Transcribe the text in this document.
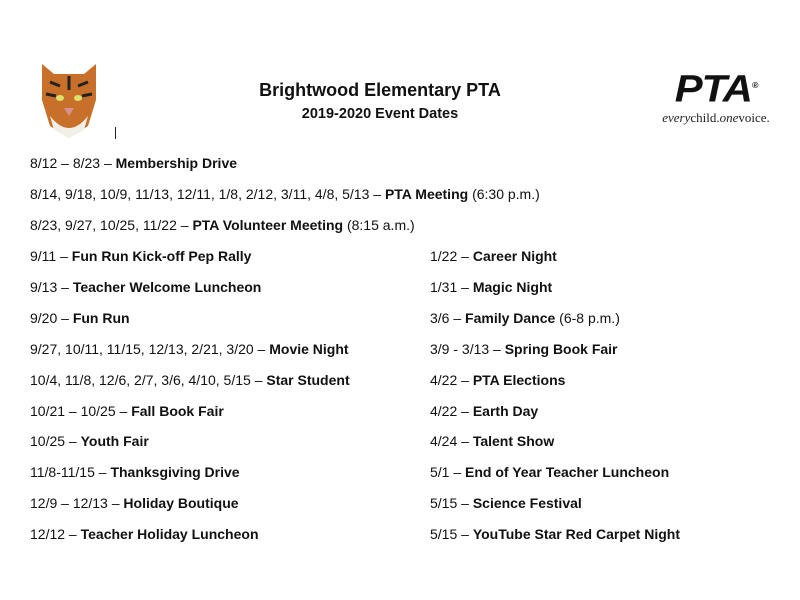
Brightwood Elementary PTA
2019-2020 Event Dates
PTA®
everychild.onevoice.
8/12 – 8/23 – Membership Drive
8/14, 9/18, 10/9, 11/13, 12/11, 1/8, 2/12, 3/11, 4/8, 5/13 – PTA Meeting (6:30 p.m.)
8/23, 9/27, 10/25, 11/22 – PTA Volunteer Meeting (8:15 a.m.)
9/11 – Fun Run Kick-off Pep Rally
9/13 – Teacher Welcome Luncheon
9/20 – Fun Run
9/27, 10/11, 11/15, 12/13, 2/21, 3/20 – Movie Night
10/4, 11/8, 12/6, 2/7, 3/6, 4/10, 5/15 – Star Student
10/21 – 10/25 – Fall Book Fair
10/25 – Youth Fair
11/8-11/15 – Thanksgiving Drive
12/9 – 12/13 – Holiday Boutique
12/12 – Teacher Holiday Luncheon
1/22 – Career Night
1/31 – Magic Night
3/6 – Family Dance (6-8 p.m.)
3/9 - 3/13 – Spring Book Fair
4/22 – PTA Elections
4/22 – Earth Day
4/24 – Talent Show
5/1 – End of Year Teacher Luncheon
5/15 – Science Festival
5/15 – YouTube Star Red Carpet Night
